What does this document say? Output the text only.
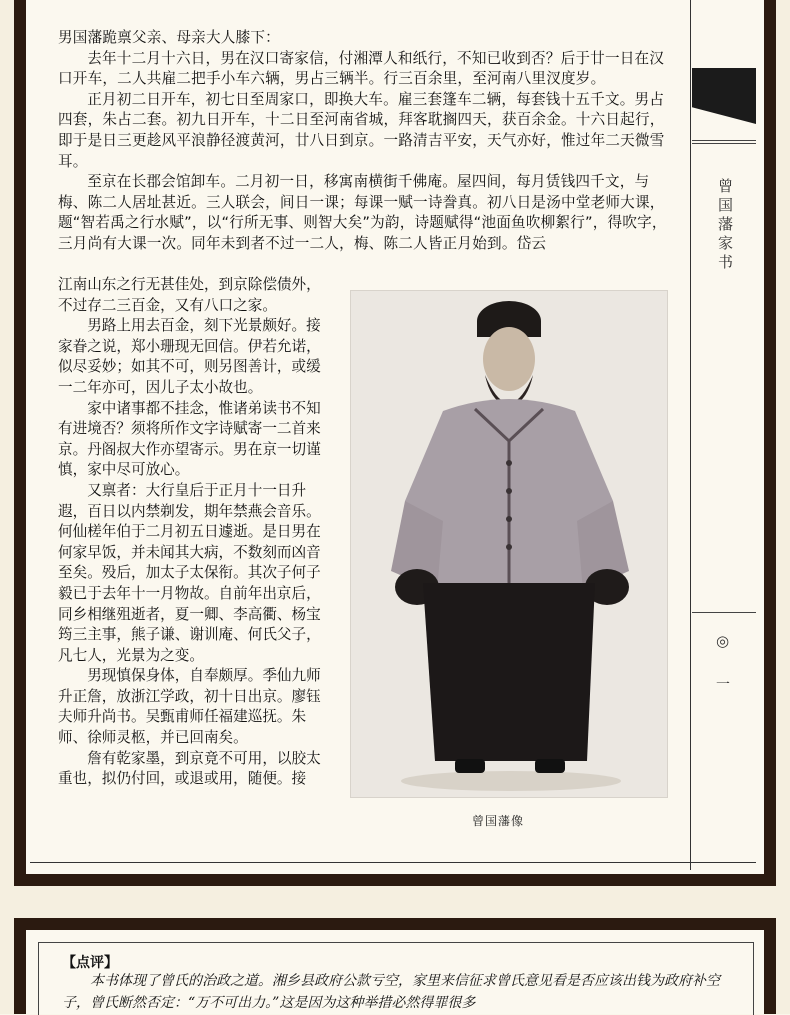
曾国藩家书
◎
一

男国藩跪禀父亲、母亲大人膝下：

去年十二月十六日，男在汉口寄家信，付湘潭人和纸行，不知已收到否？后于廿一日在汉口开车，二人共雇二把手小车六辆，男占三辆半。行三百余里，至河南八里汊度岁。

正月初二日开车，初七日至周家口，即换大车。雇三套篷车二辆，每套钱十五千文。男占四套，朱占二套。初九日开车，十二日至河南省城，拜客耽搁四天，获百余金。十六日起行，即于是日三更趁风平浪静径渡黄河，廿八日到京。一路清吉平安，天气亦好，惟过年二天微雪耳。

至京在长郡会馆卸车。二月初一日，移寓南横街千佛庵。屋四间，每月赁钱四千文，与梅、陈二人居址甚近。三人联会，间日一课；每课一赋一诗誊真。初八日是汤中堂老师大课，题“智若禹之行水赋”，以“行所无事、则智大矣”为韵，诗题赋得“池面鱼吹柳絮行”，得吹字，三月尚有大课一次。同年未到者不过一二人，梅、陈二人皆正月始到。岱云

江南山东之行无甚佳处，到京除偿债外，不过存二三百金，又有八口之家。

男路上用去百金，刻下光景颇好。接家眷之说，郑小珊现无回信。伊若允诺，似尽妥妙；如其不可，则另图善计，或缓一二年亦可，因儿子太小故也。

家中诸事都不挂念，惟诸弟读书不知有进境否？须将所作文字诗赋寄一二首来京。丹阁叔大作亦望寄示。男在京一切谨慎，家中尽可放心。

又禀者：大行皇后于正月十一日升遐，百日以内禁剃发，期年禁燕会音乐。何仙槎年伯于二月初五日遽逝。是日男在何家早饭，并未闻其大病，不数刻而凶音至矣。殁后，加太子太保衔。其次子何子毅已于去年十一月物故。自前年出京后，同乡相继殂逝者，夏一卿、李高衢、杨宝筠三主事，熊子谦、谢训庵、何氏父子，凡七人，光景为之变。

男现慎保身体，自奉颇厚。季仙九师升正詹，放浙江学政，初十日出京。廖钰夫师升尚书。吴甄甫师任福建巡抚。朱师、徐师灵柩，并已回南矣。

詹有乾家墨，到京竟不可用，以胶太重也，拟仍付回，或退或用，随便。接

曾国藩像
【点评】

本书体现了曾氏的治政之道。湘乡县政府公款亏空，家里来信征求曾氏意见看是否应该出钱为政府补空子，曾氏断然否定：“万不可出力。”这是因为这种举措必然得罪很多
